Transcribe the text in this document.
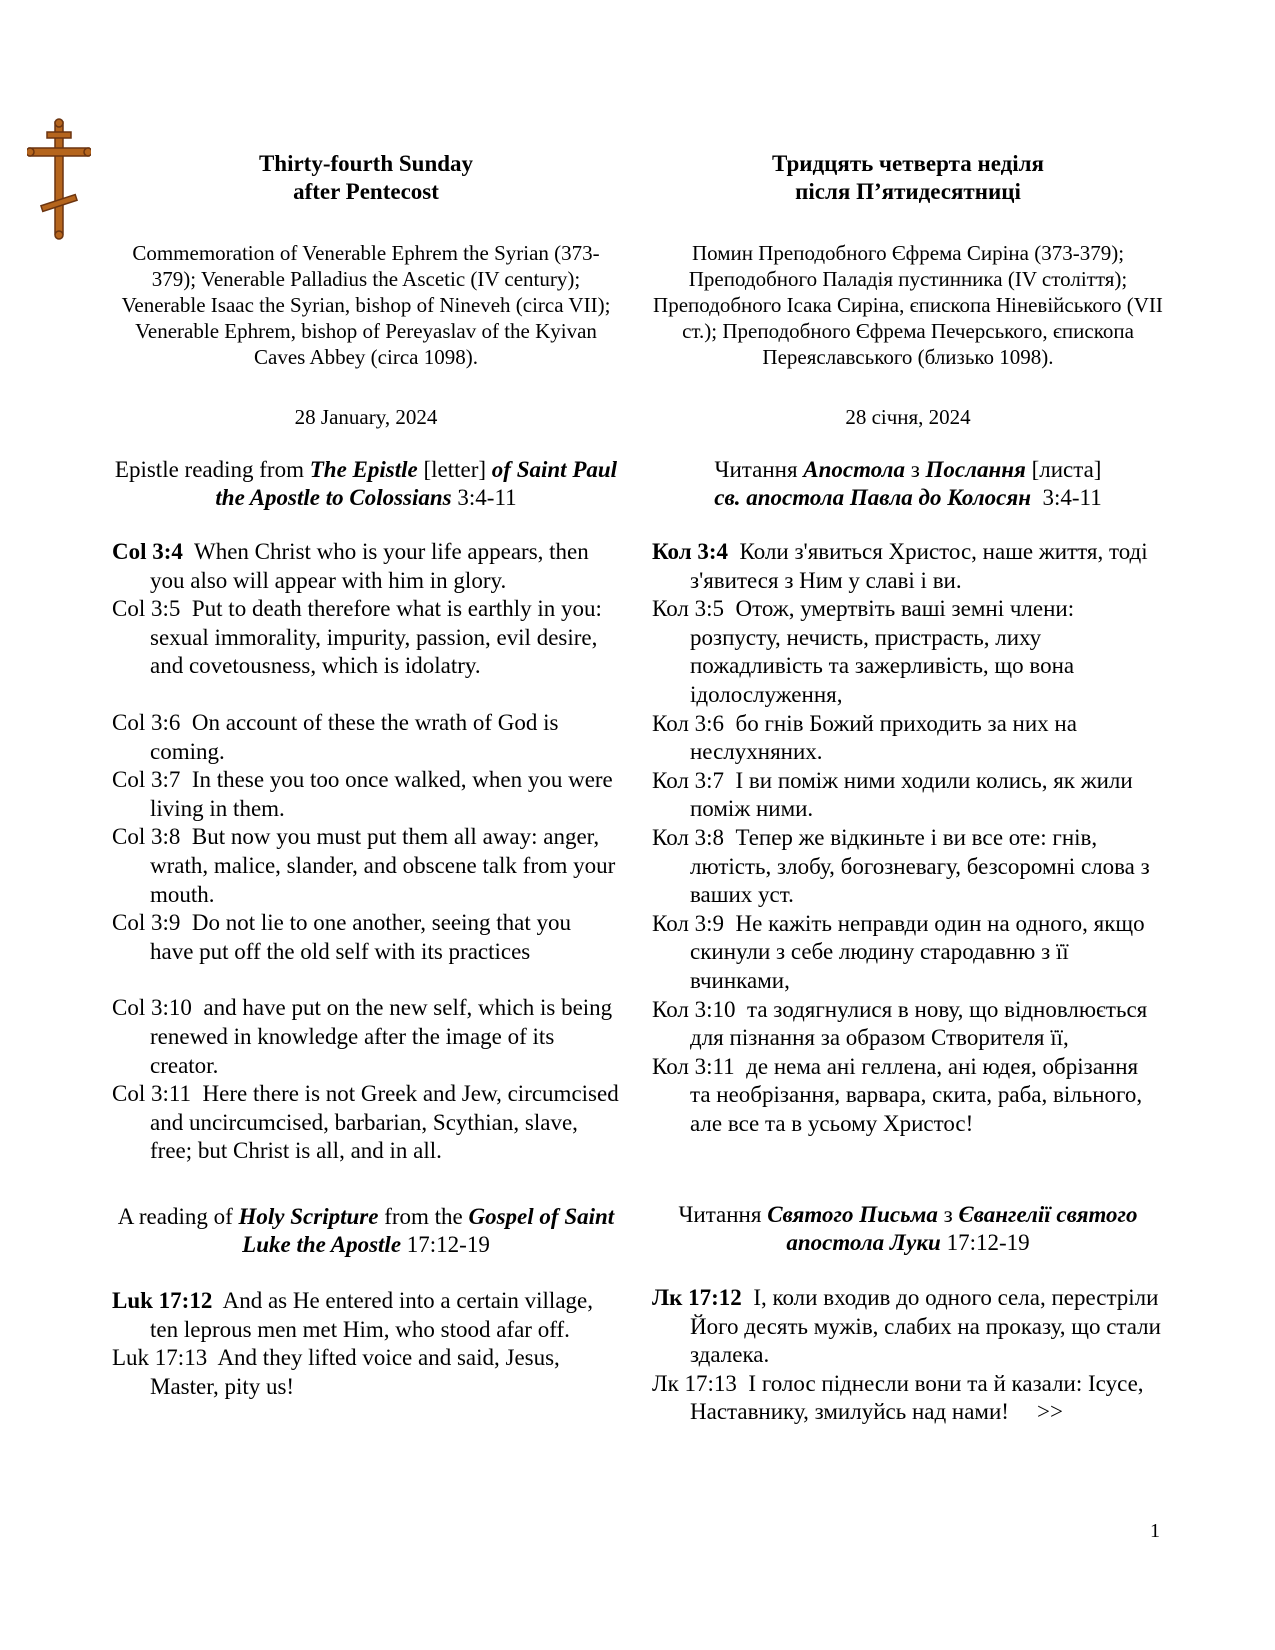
Thirty-fourth Sunday
after Pentecost
Commemoration of Venerable Ephrem the Syrian (373-379); Venerable Palladius the Ascetic (IV century); Venerable Isaac the Syrian, bishop of Nineveh (circa VII); Venerable Ephrem, bishop of Pereyaslav of the Kyivan Caves Abbey (circa 1098).
28 January, 2024
Epistle reading from The Epistle [letter] of Saint Paul the Apostle to Colossians 3:4-11
Col 3:4 When Christ who is your life appears, then you also will appear with him in glory.
Col 3:5 Put to death therefore what is earthly in you: sexual immorality, impurity, passion, evil desire, and covetousness, which is idolatry.
Col 3:6 On account of these the wrath of God is coming.
Col 3:7 In these you too once walked, when you were living in them.
Col 3:8 But now you must put them all away: anger, wrath, malice, slander, and obscene talk from your mouth.
Col 3:9 Do not lie to one another, seeing that you have put off the old self with its practices
Col 3:10 and have put on the new self, which is being renewed in knowledge after the image of its creator.
Col 3:11 Here there is not Greek and Jew, circumcised and uncircumcised, barbarian, Scythian, slave, free; but Christ is all, and in all.
A reading of Holy Scripture from the Gospel of Saint Luke the Apostle 17:12-19
Luk 17:12 And as He entered into a certain village, ten leprous men met Him, who stood afar off.
Luk 17:13 And they lifted voice and said, Jesus, Master, pity us!
Тридцять четверта неділя
після П’ятидесятниці
Помин Преподобного Єфрема Сиріна (373-379); Преподобного Паладія пустинника (IV століття); Преподобного Ісака Сиріна, єпископа Ніневійського (VII ст.); Преподобного Єфрема Печерського, єпископа Переяславського (близько 1098).
28 січня, 2024
Читання Апостола з Послання [листа]
св. апостола Павла до Колосян  3:4-11
Кол 3:4 Коли з'явиться Христос, наше життя, тоді з'явитеся з Ним у славі і ви.
Кол 3:5 Отож, умертвіть ваші земні члени: розпусту, нечисть, пристрасть, лиху пожадливість та зажерливість, що вона ідолослуження,
Кол 3:6 бо гнів Божий приходить за них на неслухняних.
Кол 3:7 І ви поміж ними ходили колись, як жили поміж ними.
Кол 3:8 Тепер же відкиньте і ви все оте: гнів, лютість, злобу, богозневагу, безсоромні слова з ваших уст.
Кол 3:9 Не кажіть неправди один на одного, якщо скинули з себе людину стародавню з її вчинками,
Кол 3:10 та зодягнулися в нову, що відновлюється для пізнання за образом Створителя її,
Кол 3:11 де нема ані геллена, ані юдея, обрізання та необрізання, варвара, скита, раба, вільного, але все та в усьому Христос!
Читання Святого Письма з Євангелії святого апостола Луки 17:12-19
Лк 17:12 І, коли входив до одного села, перестріли Його десять мужів, слабих на проказу, що стали здалека.
Лк 17:13 І голос піднесли вони та й казали: Ісусе, Наставнику, змилуйсь над нами! >>
1
